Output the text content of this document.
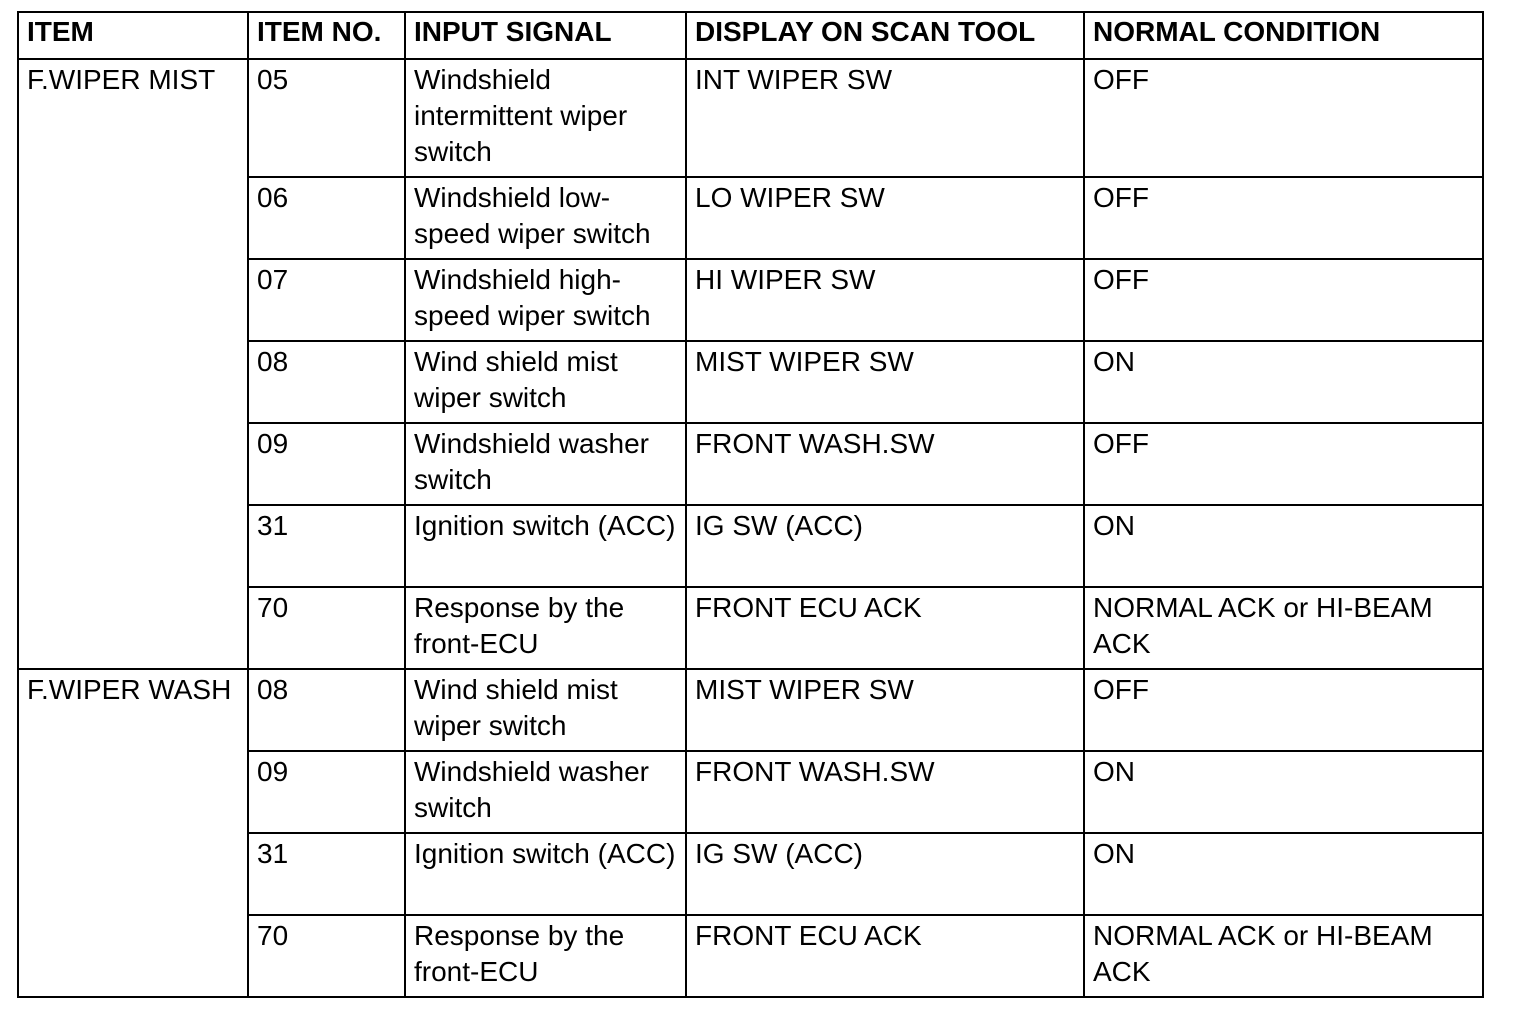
ITEM	ITEM NO.	INPUT SIGNAL	DISPLAY ON SCAN TOOL	NORMAL CONDITION
F.WIPER MIST	05	Windshield intermittent wiper switch	INT WIPER SW	OFF
	06	Windshield low-speed wiper switch	LO WIPER SW	OFF
	07	Windshield high-speed wiper switch	HI WIPER SW	OFF
	08	Wind shield mist wiper switch	MIST WIPER SW	ON
	09	Windshield washer switch	FRONT WASH.SW	OFF
	31	Ignition switch (ACC)	IG SW (ACC)	ON
	70	Response by the front-ECU	FRONT ECU ACK	NORMAL ACK or HI-BEAM ACK
F.WIPER WASH	08	Wind shield mist wiper switch	MIST WIPER SW	OFF
	09	Windshield washer switch	FRONT WASH.SW	ON
	31	Ignition switch (ACC)	IG SW (ACC)	ON
	70	Response by the front-ECU	FRONT ECU ACK	NORMAL ACK or HI-BEAM ACK
